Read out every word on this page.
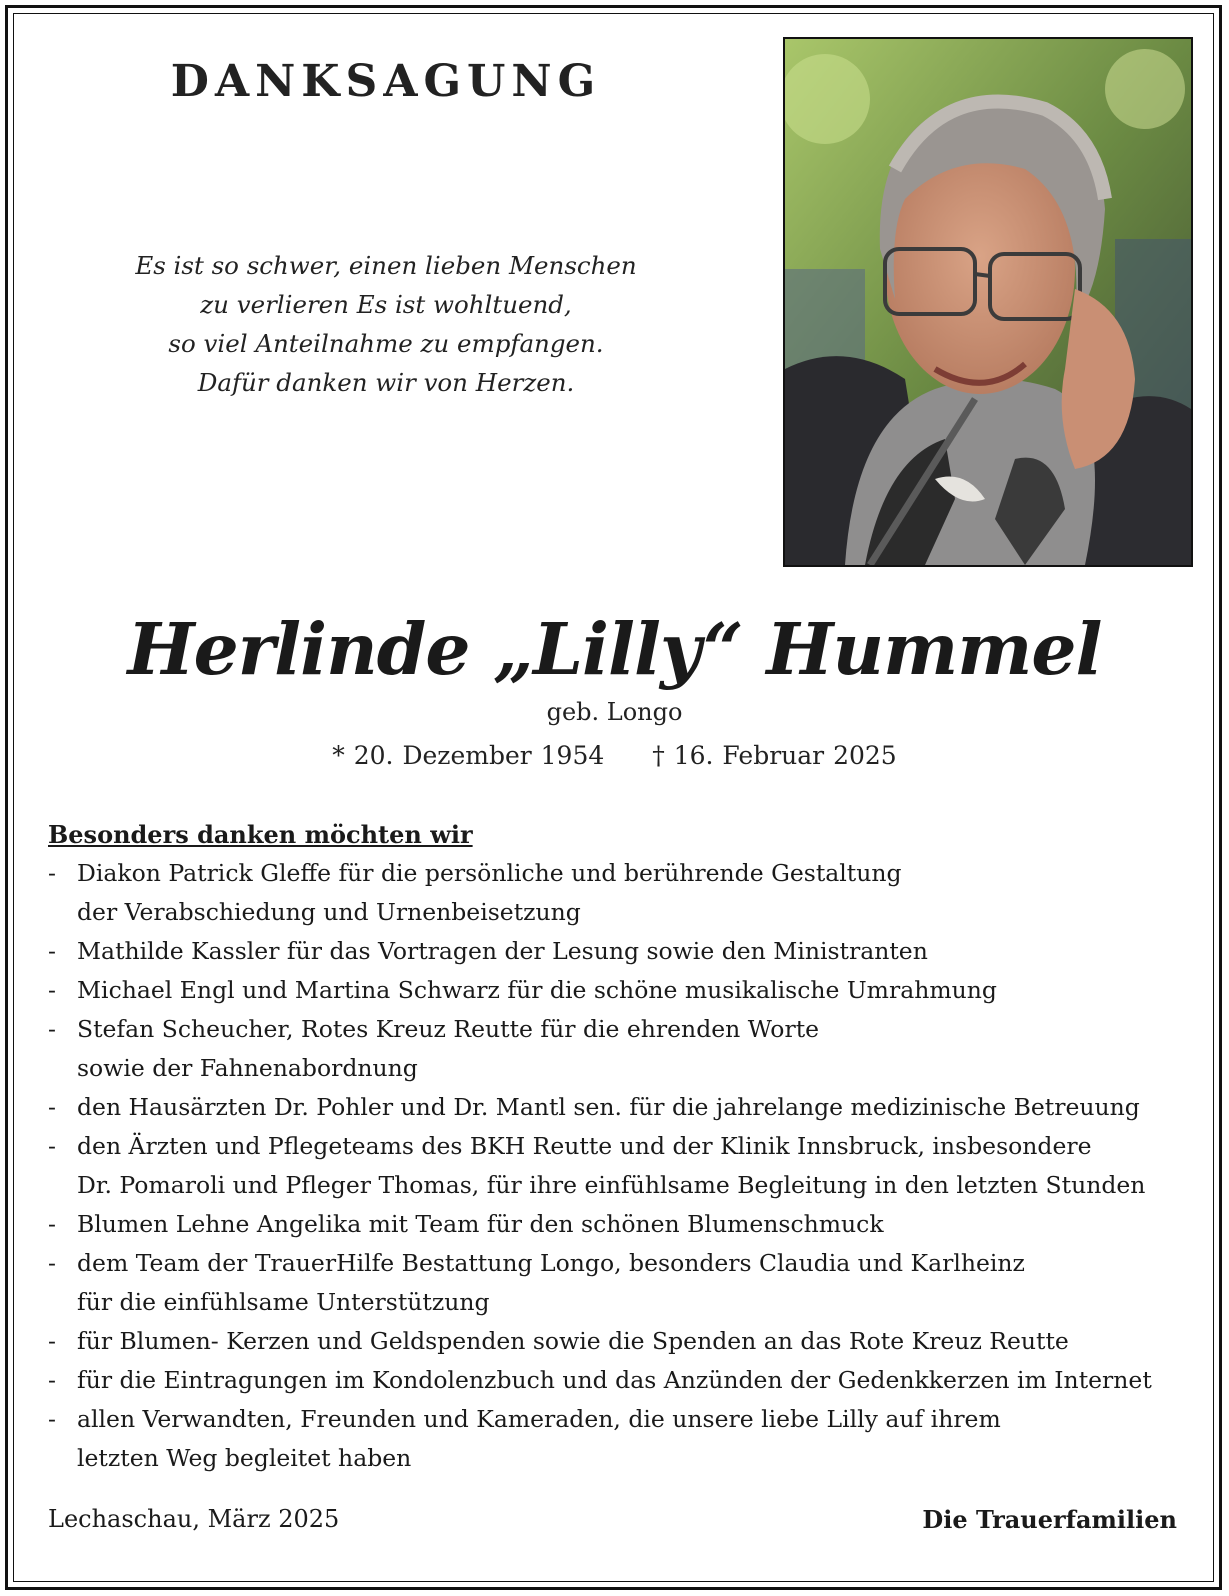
DANKSAGUNG
Es ist so schwer, einen lieben Menschen
zu verlieren Es ist wohltuend,
so viel Anteilnahme zu empfangen.
Dafür danken wir von Herzen.
Herlinde „Lilly“ Hummel
geb. Longo
* 20. Dezember 1954 † 16. Februar 2025
Besonders danken möchten wir
- Diakon Patrick Gleffe für die persönliche und berührende Gestaltung
der Verabschiedung und Urnenbeisetzung
- Mathilde Kassler für das Vortragen der Lesung sowie den Ministranten
- Michael Engl und Martina Schwarz für die schöne musikalische Umrahmung
- Stefan Scheucher, Rotes Kreuz Reutte für die ehrenden Worte
sowie der Fahnenabordnung
- den Hausärzten Dr. Pohler und Dr. Mantl sen. für die jahrelange medizinische Betreuung
- den Ärzten und Pflegeteams des BKH Reutte und der Klinik Innsbruck, insbesondere
Dr. Pomaroli und Pfleger Thomas, für ihre einfühlsame Begleitung in den letzten Stunden
- Blumen Lehne Angelika mit Team für den schönen Blumenschmuck
- dem Team der TrauerHilfe Bestattung Longo, besonders Claudia und Karlheinz
für die einfühlsame Unterstützung
- für Blumen- Kerzen und Geldspenden sowie die Spenden an das Rote Kreuz Reutte
- für die Eintragungen im Kondolenzbuch und das Anzünden der Gedenkkerzen im Internet
- allen Verwandten, Freunden und Kameraden, die unsere liebe Lilly auf ihrem
letzten Weg begleitet haben
Lechaschau, März 2025	Die Trauerfamilien
